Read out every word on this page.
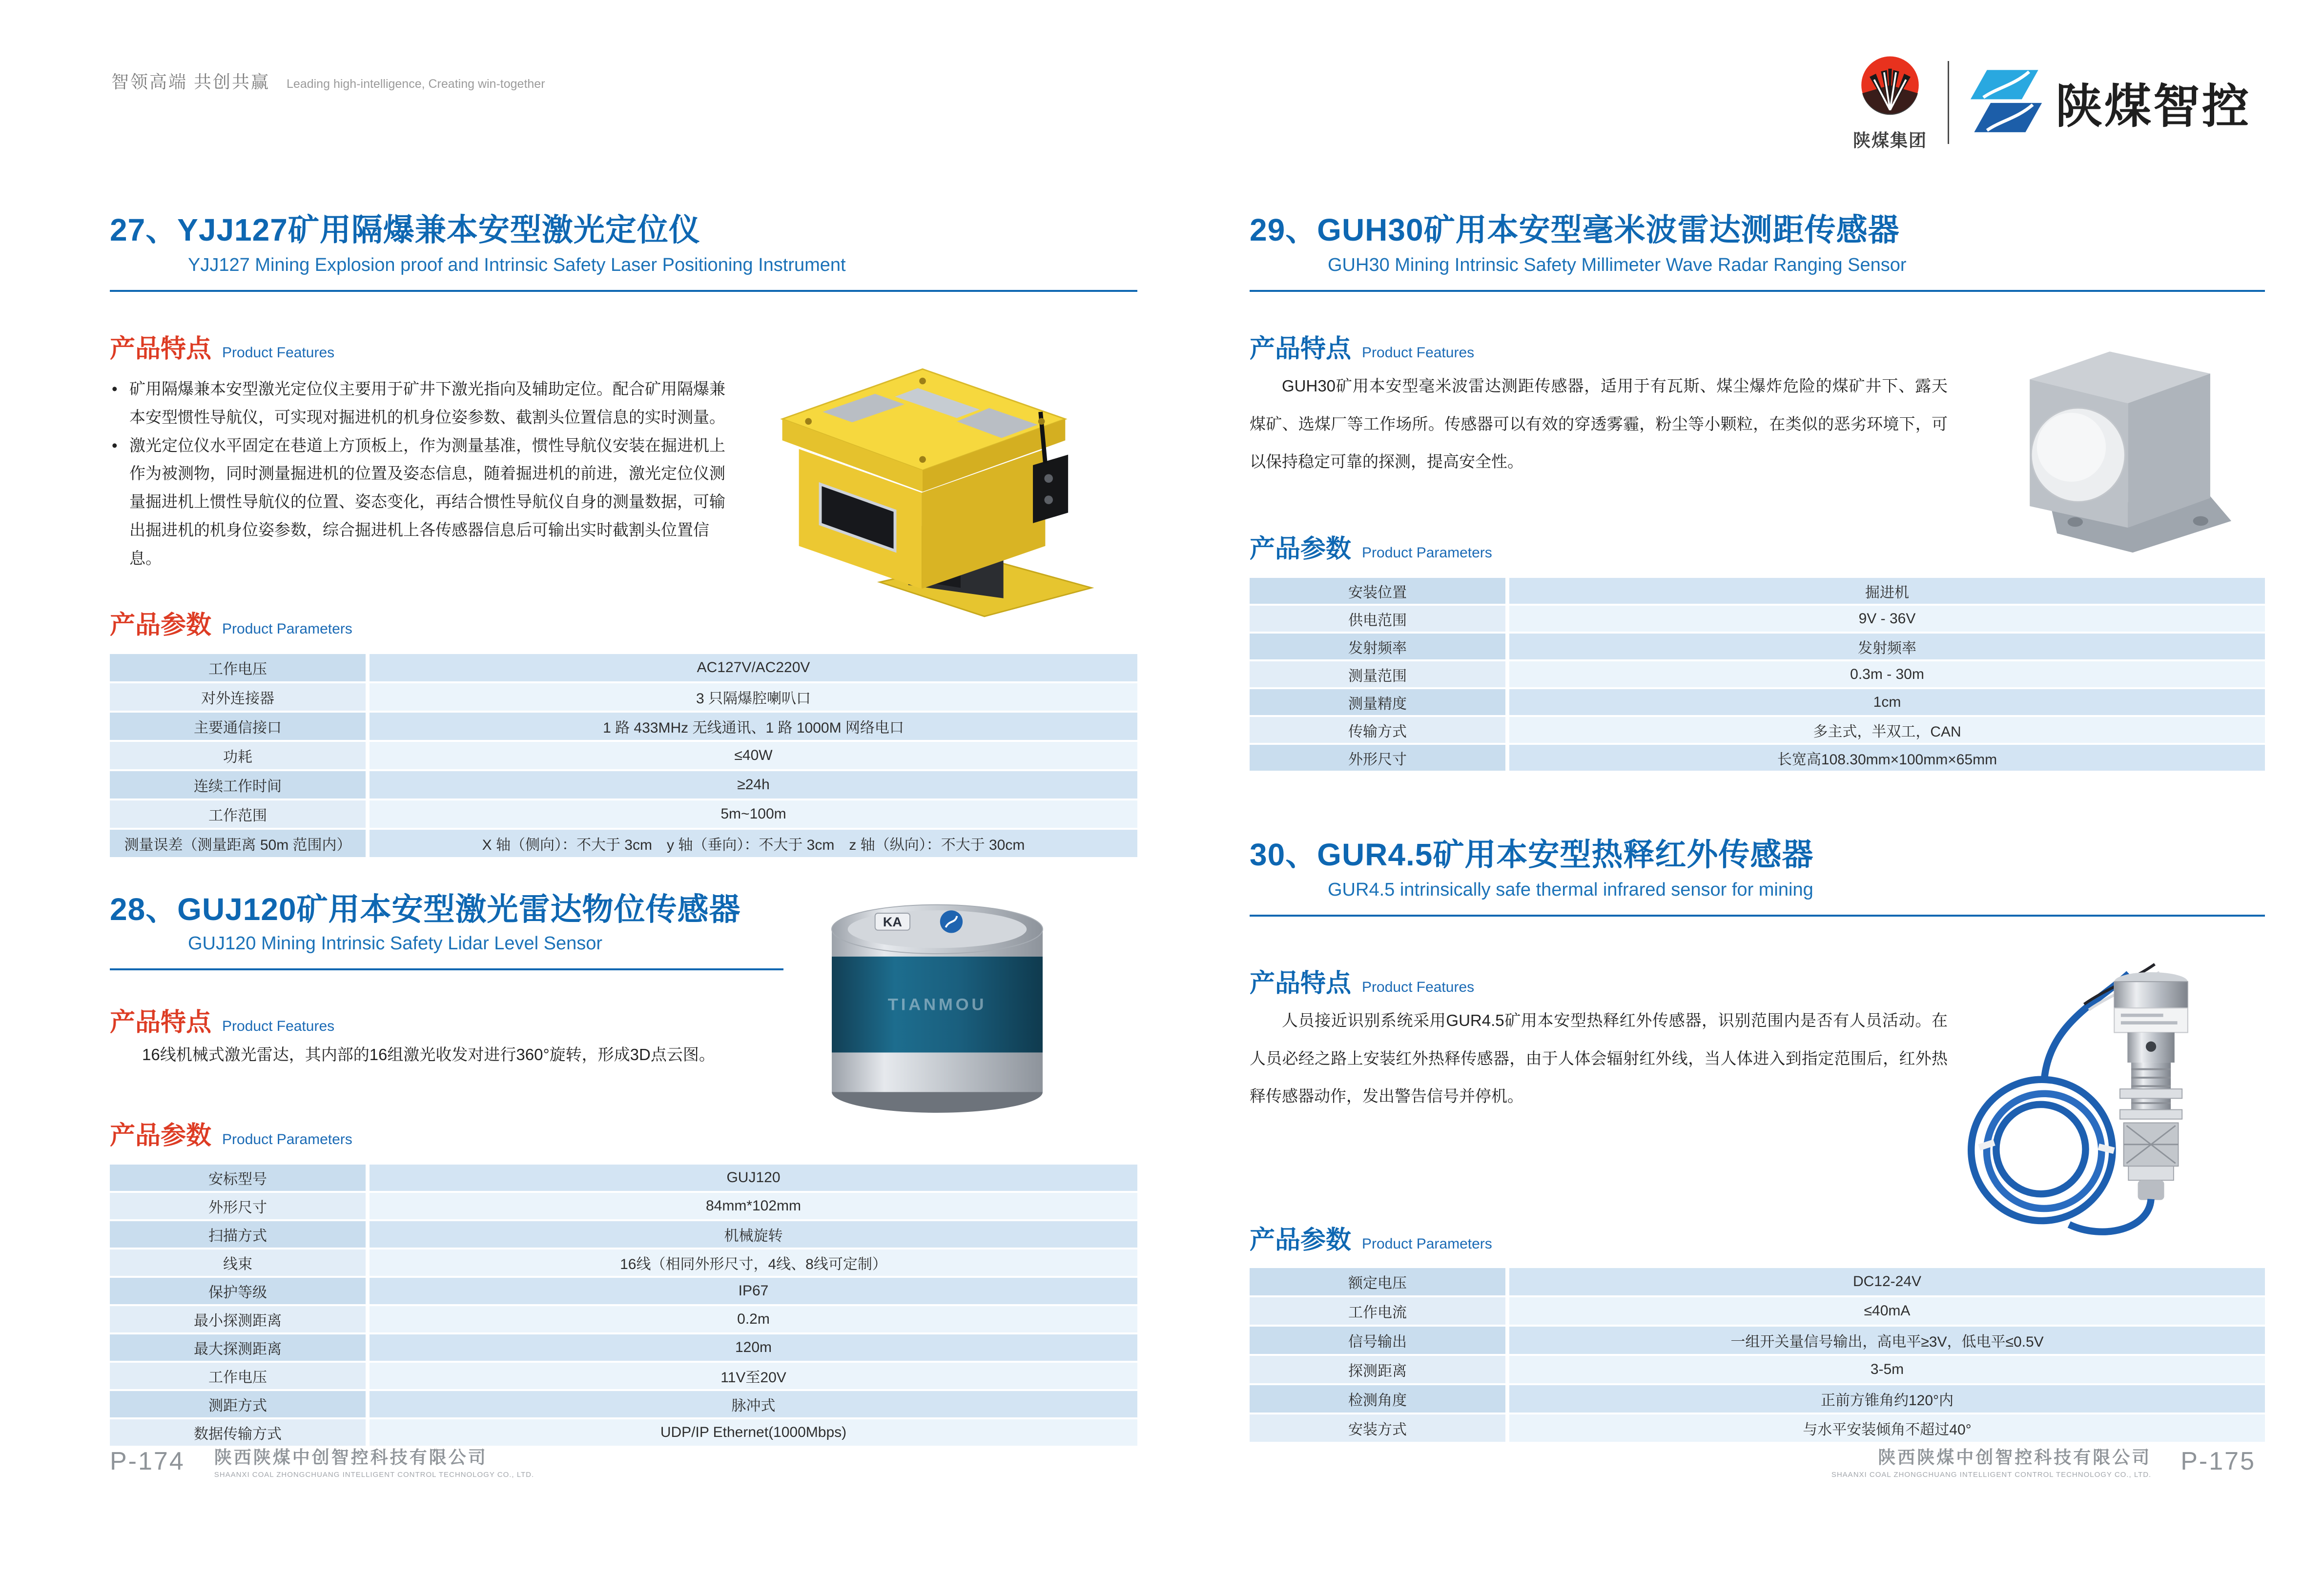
智领高端 共创共赢 Leading high-intelligence, Creating win-together
陕煤集团
陕煤智控
27、YJJ127矿用隔爆兼本安型激光定位仪
YJJ127 Mining Explosion proof and Intrinsic Safety Laser Positioning Instrument
产品特点 Product Features
• 矿用隔爆兼本安型激光定位仪主要用于矿井下激光指向及辅助定位。配合矿用隔爆兼本安型惯性导航仪，可实现对掘进机的机身位姿参数、截割头位置信息的实时测量。
• 激光定位仪水平固定在巷道上方顶板上，作为测量基准，惯性导航仪安装在掘进机上作为被测物，同时测量掘进机的位置及姿态信息，随着掘进机的前进，激光定位仪测量掘进机上惯性导航仪的位置、姿态变化，再结合惯性导航仪自身的测量数据，可输出掘进机的机身位姿参数，综合掘进机上各传感器信息后可输出实时截割头位置信息。
产品参数 Product Parameters
工作电压	AC127V/AC220V
对外连接器	3 只隔爆腔喇叭口
主要通信接口	1 路 433MHz 无线通讯、1 路 1000M 网络电口
功耗	≤40W
连续工作时间	≥24h
工作范围	5m~100m
测量误差（测量距离 50m 范围内）	X 轴（侧向）：不大于 3cm　y 轴（垂向）：不大于 3cm　z 轴（纵向）：不大于 30cm
28、GUJ120矿用本安型激光雷达物位传感器
GUJ120 Mining Intrinsic Safety Lidar Level Sensor
KA
TIANMOU
产品特点 Product Features

16线机械式激光雷达，其内部的16组激光收发对进行360°旋转，形成3D点云图。

产品参数 Product Parameters
安标型号	GUJ120
外形尺寸	84mm*102mm
扫描方式	机械旋转
线束	16线（相同外形尺寸，4线、8线可定制）
保护等级	IP67
最小探测距离	0.2m
最大探测距离	120m
工作电压	11V至20V
测距方式	脉冲式
数据传输方式	UDP/IP Ethernet(1000Mbps)
29、GUH30矿用本安型毫米波雷达测距传感器
GUH30 Mining Intrinsic Safety Millimeter Wave Radar Ranging Sensor
产品特点 Product Features

GUH30矿用本安型毫米波雷达测距传感器，适用于有瓦斯、煤尘爆炸危险的煤矿井下、露天煤矿、选煤厂等工作场所。传感器可以有效的穿透雾霾，粉尘等小颗粒，在类似的恶劣环境下，可以保持稳定可靠的探测，提高安全性。

产品参数 Product Parameters
安装位置	掘进机
供电范围	9V - 36V
发射频率	发射频率
测量范围	0.3m - 30m
测量精度	1cm
传输方式	多主式，半双工，CAN
外形尺寸	长宽高108.30mm×100mm×65mm
30、GUR4.5矿用本安型热释红外传感器
GUR4.5 intrinsically safe thermal infrared sensor for mining
产品特点 Product Features

人员接近识别系统采用GUR4.5矿用本安型热释红外传感器，识别范围内是否有人员活动。在人员必经之路上安装红外热释传感器，由于人体会辐射红外线，当人体进入到指定范围后，红外热释传感器动作，发出警告信号并停机。

产品参数 Product Parameters
额定电压	DC12-24V
工作电流	≤40mA
信号输出	一组开关量信号输出，高电平≥3V，低电平≤0.5V
探测距离	3-5m
检测角度	正前方锥角约120°内
安装方式	与水平安装倾角不超过40°
P-174 陕西陕煤中创智控科技有限公司
SHAANXI COAL ZHONGCHUANG INTELLIGENT CONTROL TECHNOLOGY CO., LTD.
陕西陕煤中创智控科技有限公司
SHAANXI COAL ZHONGCHUANG INTELLIGENT CONTROL TECHNOLOGY CO., LTD. P-175
